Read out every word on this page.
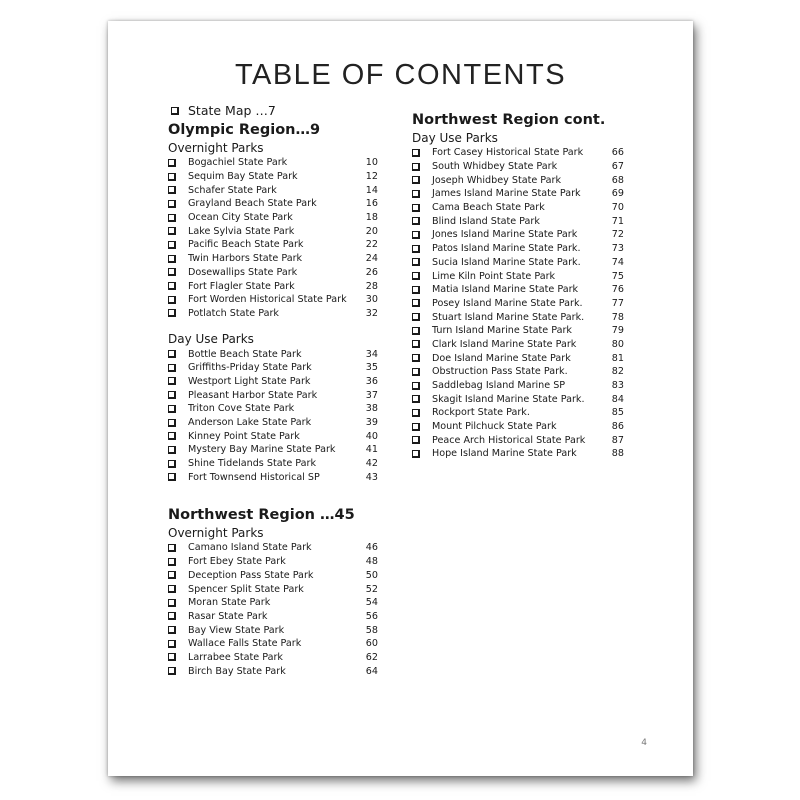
TABLE OF CONTENTS
State Map …7
Olympic Region…9
Overnight Parks
Bogachiel State Park	10
Sequim Bay State Park	12
Schafer State Park	14
Grayland Beach State Park	16
Ocean City State Park	18
Lake Sylvia State Park	20
Pacific Beach State Park	22
Twin Harbors State Park	24
Dosewallips State Park	26
Fort Flagler State Park	28
Fort Worden Historical State Park	30
Potlatch State Park	32
Day Use Parks
Bottle Beach State Park	34
Griffiths-Priday State Park	35
Westport Light State Park	36
Pleasant Harbor State Park	37
Triton Cove State Park	38
Anderson Lake State Park	39
Kinney Point State Park	40
Mystery Bay Marine State Park	41
Shine Tidelands State Park	42
Fort Townsend Historical SP	43
Northwest Region …45
Overnight Parks
Camano Island State Park	46
Fort Ebey State Park	48
Deception Pass State Park	50
Spencer Split State Park	52
Moran State Park	54
Rasar State Park	56
Bay View State Park	58
Wallace Falls State Park	60
Larrabee State Park	62
Birch Bay State Park	64
Northwest Region cont.
Day Use Parks
Fort Casey Historical State Park	66
South Whidbey State Park	67
Joseph Whidbey State Park	68
James Island Marine State Park	69
Cama Beach State Park	70
Blind Island State Park	71
Jones Island Marine State Park	72
Patos Island Marine State Park.	73
Sucia Island Marine State Park.	74
Lime Kiln Point State Park	75
Matia Island Marine State Park	76
Posey Island Marine State Park.	77
Stuart Island Marine State Park.	78
Turn Island Marine State Park	79
Clark Island Marine State Park	80
Doe Island Marine State Park	81
Obstruction Pass State Park.	82
Saddlebag Island Marine SP	83
Skagit Island Marine State Park.	84
Rockport State Park.	85
Mount Pilchuck State Park	86
Peace Arch Historical State Park	87
Hope Island Marine State Park	88
4
